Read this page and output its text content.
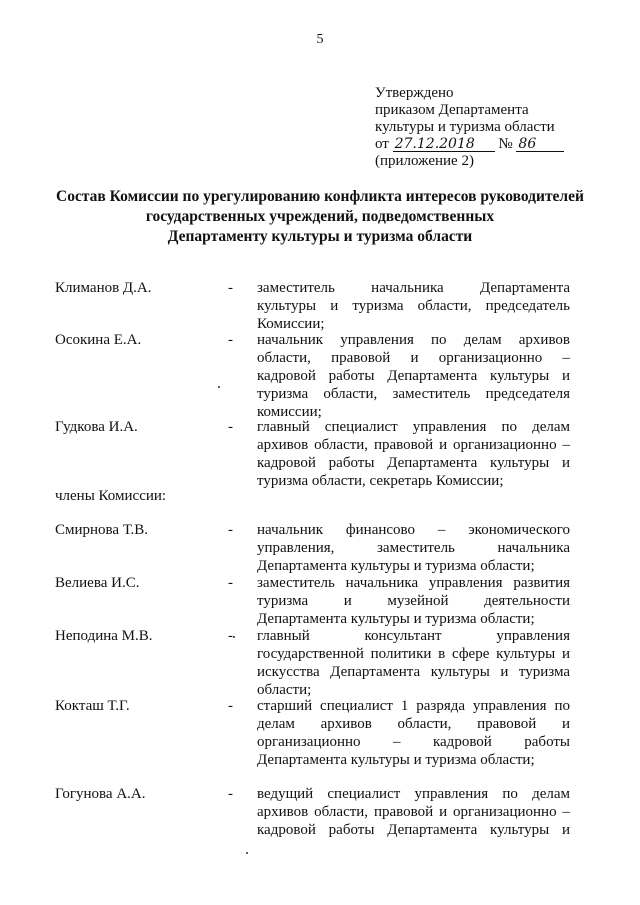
5
Утверждено
приказом Департамента
культуры и туризма области
от 27.12.2018 № 86
(приложение 2)
Состав Комиссии по урегулированию конфликта интересов руководителей
государственных учреждений, подведомственных
Департаменту культуры и туризма области
Климанов Д.А.	- заместитель начальника Департамента
культуры и туризма области, председатель
Комиссии;
Осокина Е.А.	- начальник управления по делам архивов
области, правовой и организационно –
кадровой работы Департамента культуры и
туризма области, заместитель председателя
комиссии;
Гудкова И.А.	- главный специалист управления по делам
архивов области, правовой и организационно –
кадровой работы Департамента культуры и
туризма области, секретарь Комиссии;
члены Комиссии:
Смирнова Т.В.	- начальник финансово – экономического
управления, заместитель начальника
Департамента культуры и туризма области;
Велиева И.С.	- заместитель начальника управления развития
туризма и музейной деятельности
Департамента культуры и туризма области;
Неподина М.В.	- главный консультант управления
государственной политики в сфере культуры и
искусства Департамента культуры и туризма
области;
Кокташ Т.Г.	- старший специалист 1 разряда управления по
делам архивов области, правовой и
организационно – кадровой работы
Департамента культуры и туризма области;
Гогунова А.А.	- ведущий специалист управления по делам
архивов области, правовой и организационно –
кадровой работы Департамента культуры и
